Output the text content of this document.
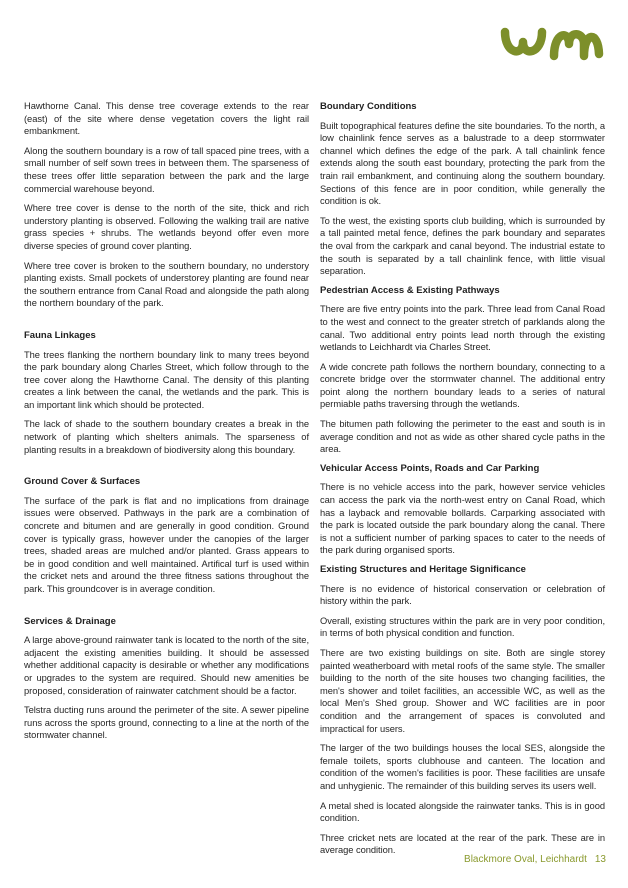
Hawthorne Canal. This dense tree coverage extends to the rear (east) of the site where dense vegetation covers the light rail embankment.

Along the southern boundary is a row of tall spaced pine trees, with a small number of self sown trees in between them. The sparseness of these trees offer little separation between the park and the large commercial warehouse beyond.

Where tree cover is dense to the north of the site, thick and rich understory planting is observed. Following the walking trail are native grass species + shrubs. The wetlands beyond offer even more diverse species of ground cover planting.

Where tree cover is broken to the southern boundary, no understory planting exists. Small pockets of understorey planting are found near the southern entrance from Canal Road and alongside the path along the northern boundary of the park.

Fauna Linkages

The trees flanking the northern boundary link to many trees beyond the park boundary along Charles Street, which follow through to the tree cover along the Hawthorne Canal. The density of this planting creates a link between the canal, the wetlands and the park. This is an important link which should be protected.

The lack of shade to the southern boundary creates a break in the network of planting which shelters animals. The sparseness of planting results in a breakdown of biodiversity along this boundary.

Ground Cover & Surfaces

The surface of the park is flat and no implications from drainage issues were observed. Pathways in the park are a combination of concrete and bitumen and are generally in good condition. Ground cover is typically grass, however under the canopies of the larger trees, shaded areas are mulched and/or planted. Grass appears to be in good condition and well maintained. Artifical turf is used within the cricket nets and around the three fitness sations throughout the park. This groundcover is in average condition.

Services & Drainage

A large above-ground rainwater tank is located to the north of the site, adjacent the existing amenities building. It should be assessed whether additional capacity is desirable or whether any modifications or upgrades to the system are required. Should new amenities be proposed, consideration of rainwater catchment should be a factor.

Telstra ducting runs around the perimeter of the site. A sewer pipeline runs across the sports ground, connecting to a line at the north of the stormwater channel.

Boundary Conditions

Built topographical features define the site boundaries. To the north, a low chainlink fence serves as a balustrade to a deep stormwater channel which defines the edge of the park. A tall chainlink fence extends along the south east boundary, protecting the park from the train rail embankment, and continuing along the southern boundary. Sections of this fence are in poor condition, while generally the condition is ok.

To the west, the existing sports club building, which is surrounded by a tall painted metal fence, defines the park boundary and separates the oval from the carkpark and canal beyond. The industrial estate to the south is separated by a tall chainlink fence, with little visual separation.

Pedestrian Access & Existing Pathways

There are five entry points into the park. Three lead from Canal Road to the west and connect to the greater stretch of parklands along the canal. Two additional entry points lead north through the existing wetlands to Leichhardt via Charles Street.

A wide concrete path follows the northern boundary, connecting to a concrete bridge over the stormwater channel. The additional entry point along the northern boundary leads to a series of natural permiable paths traversing through the wetlands.

The bitumen path following the perimeter to the east and south is in average condition and not as wide as other shared cycle paths in the area.

Vehicular Access Points, Roads and Car Parking

There is no vehicle access into the park, however service vehicles can access the park via the north-west entry on Canal Road, which has a layback and removable bollards. Carparking associated with the park is located outside the park boundary along the canal. There is not a sufficient number of parking spaces to cater to the needs of the park during organised sports.

Existing Structures and Heritage Significance

There is no evidence of historical conservation or celebration of history within the park.

Overall, existing structures within the park are in very poor condition, in terms of both physical condition and function.

There are two existing buildings on site. Both are single storey painted weatherboard with metal roofs of the same style. The smaller building to the north of the site houses two changing facilities, the men's shower and toilet facilities, an accessible WC, as well as the local Men's Shed group. Shower and WC facilities are in poor condition and the arrangement of spaces is convoluted and impractical for users.

The larger of the two buildings houses the local SES, alongside the female toilets, sports clubhouse and canteen. The location and condition of the women's facilities is poor. These facilities are unsafe and unhygienic. The remainder of this building serves its users well.

A metal shed is located alongside the rainwater tanks. This is in good condition.

Three cricket nets are located at the rear of the park. These are in average condition.

Blackmore Oval, Leichhardt 13
